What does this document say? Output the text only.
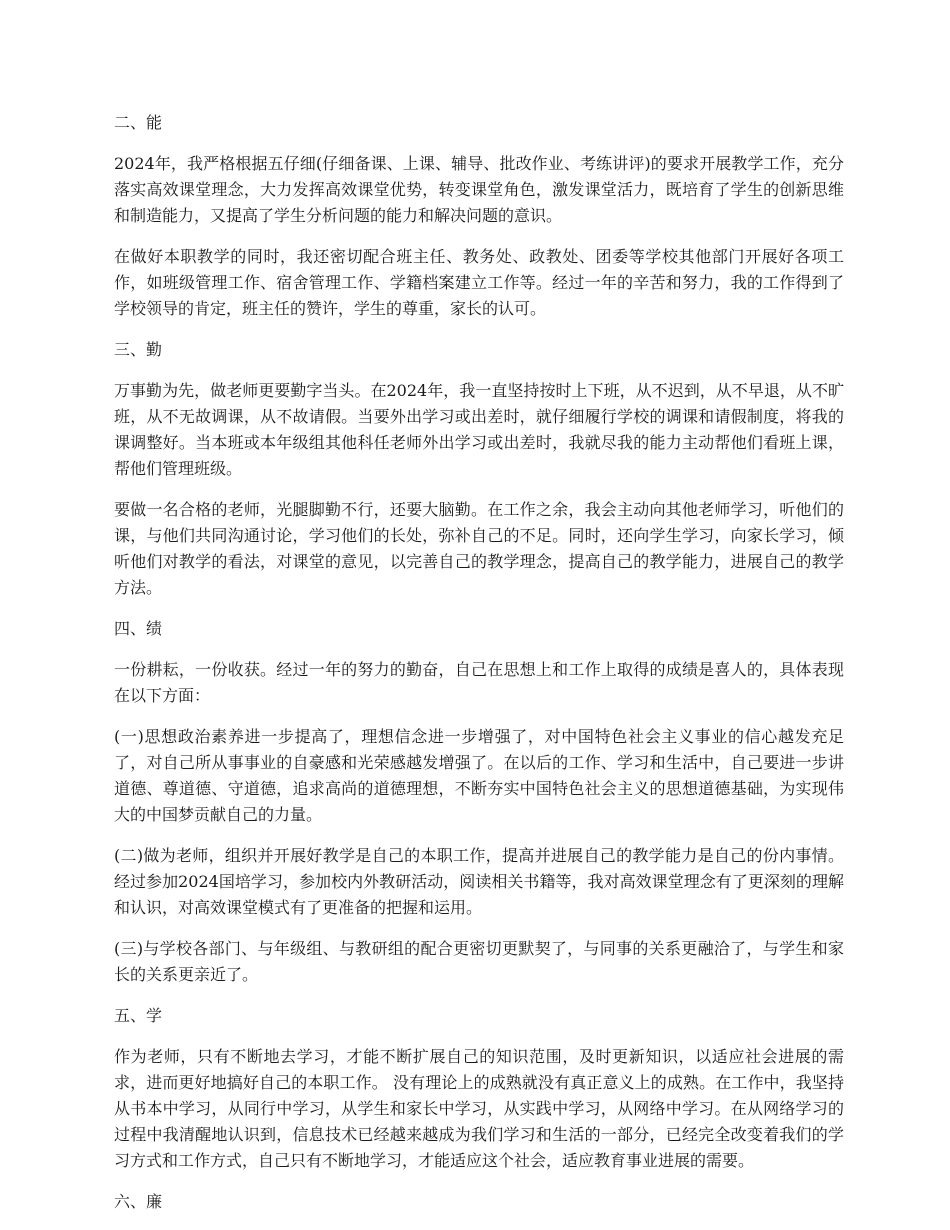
二、能

2024年，我严格根据五仔细(仔细备课、上课、辅导、批改作业、考练讲评)的要求开展教学工作，充分落实高效课堂理念，大力发挥高效课堂优势，转变课堂角色，激发课堂活力，既培育了学生的创新思维和制造能力，又提高了学生分析问题的能力和解决问题的意识。

在做好本职教学的同时，我还密切配合班主任、教务处、政教处、团委等学校其他部门开展好各项工作，如班级管理工作、宿舍管理工作、学籍档案建立工作等。经过一年的辛苦和努力，我的工作得到了学校领导的肯定，班主任的赞许，学生的尊重，家长的认可。

三、勤

万事勤为先，做老师更要勤字当头。在2024年，我一直坚持按时上下班，从不迟到，从不早退，从不旷班，从不无故调课，从不故请假。当要外出学习或出差时，就仔细履行学校的调课和请假制度，将我的课调整好。当本班或本年级组其他科任老师外出学习或出差时，我就尽我的能力主动帮他们看班上课，帮他们管理班级。

要做一名合格的老师，光腿脚勤不行，还要大脑勤。在工作之余，我会主动向其他老师学习，听他们的课，与他们共同沟通讨论，学习他们的长处，弥补自己的不足。同时，还向学生学习，向家长学习，倾听他们对教学的看法，对课堂的意见，以完善自己的教学理念，提高自己的教学能力，进展自己的教学方法。

四、绩

一份耕耘，一份收获。经过一年的努力的勤奋，自己在思想上和工作上取得的成绩是喜人的，具体表现在以下方面：

(一)思想政治素养进一步提高了，理想信念进一步增强了，对中国特色社会主义事业的信心越发充足了，对自己所从事事业的自豪感和光荣感越发增强了。在以后的工作、学习和生活中，自己要进一步讲道德、尊道德、守道德，追求高尚的道德理想，不断夯实中国特色社会主义的思想道德基础，为实现伟大的中国梦贡献自己的力量。

(二)做为老师，组织并开展好教学是自己的本职工作，提高并进展自己的教学能力是自己的份内事情。经过参加2024国培学习，参加校内外教研活动，阅读相关书籍等，我对高效课堂理念有了更深刻的理解和认识，对高效课堂模式有了更准备的把握和运用。

(三)与学校各部门、与年级组、与教研组的配合更密切更默契了，与同事的关系更融洽了，与学生和家长的关系更亲近了。

五、学

作为老师，只有不断地去学习，才能不断扩展自己的知识范围，及时更新知识，以适应社会进展的需求，进而更好地搞好自己的本职工作。 没有理论上的成熟就没有真正意义上的成熟。在工作中，我坚持从书本中学习，从同行中学习，从学生和家长中学习，从实践中学习，从网络中学习。在从网络学习的过程中我清醒地认识到，信息技术已经越来越成为我们学习和生活的一部分，已经完全改变着我们的学习方式和工作方式，自己只有不断地学习，才能适应这个社会，适应教育事业进展的需要。

六、廉
